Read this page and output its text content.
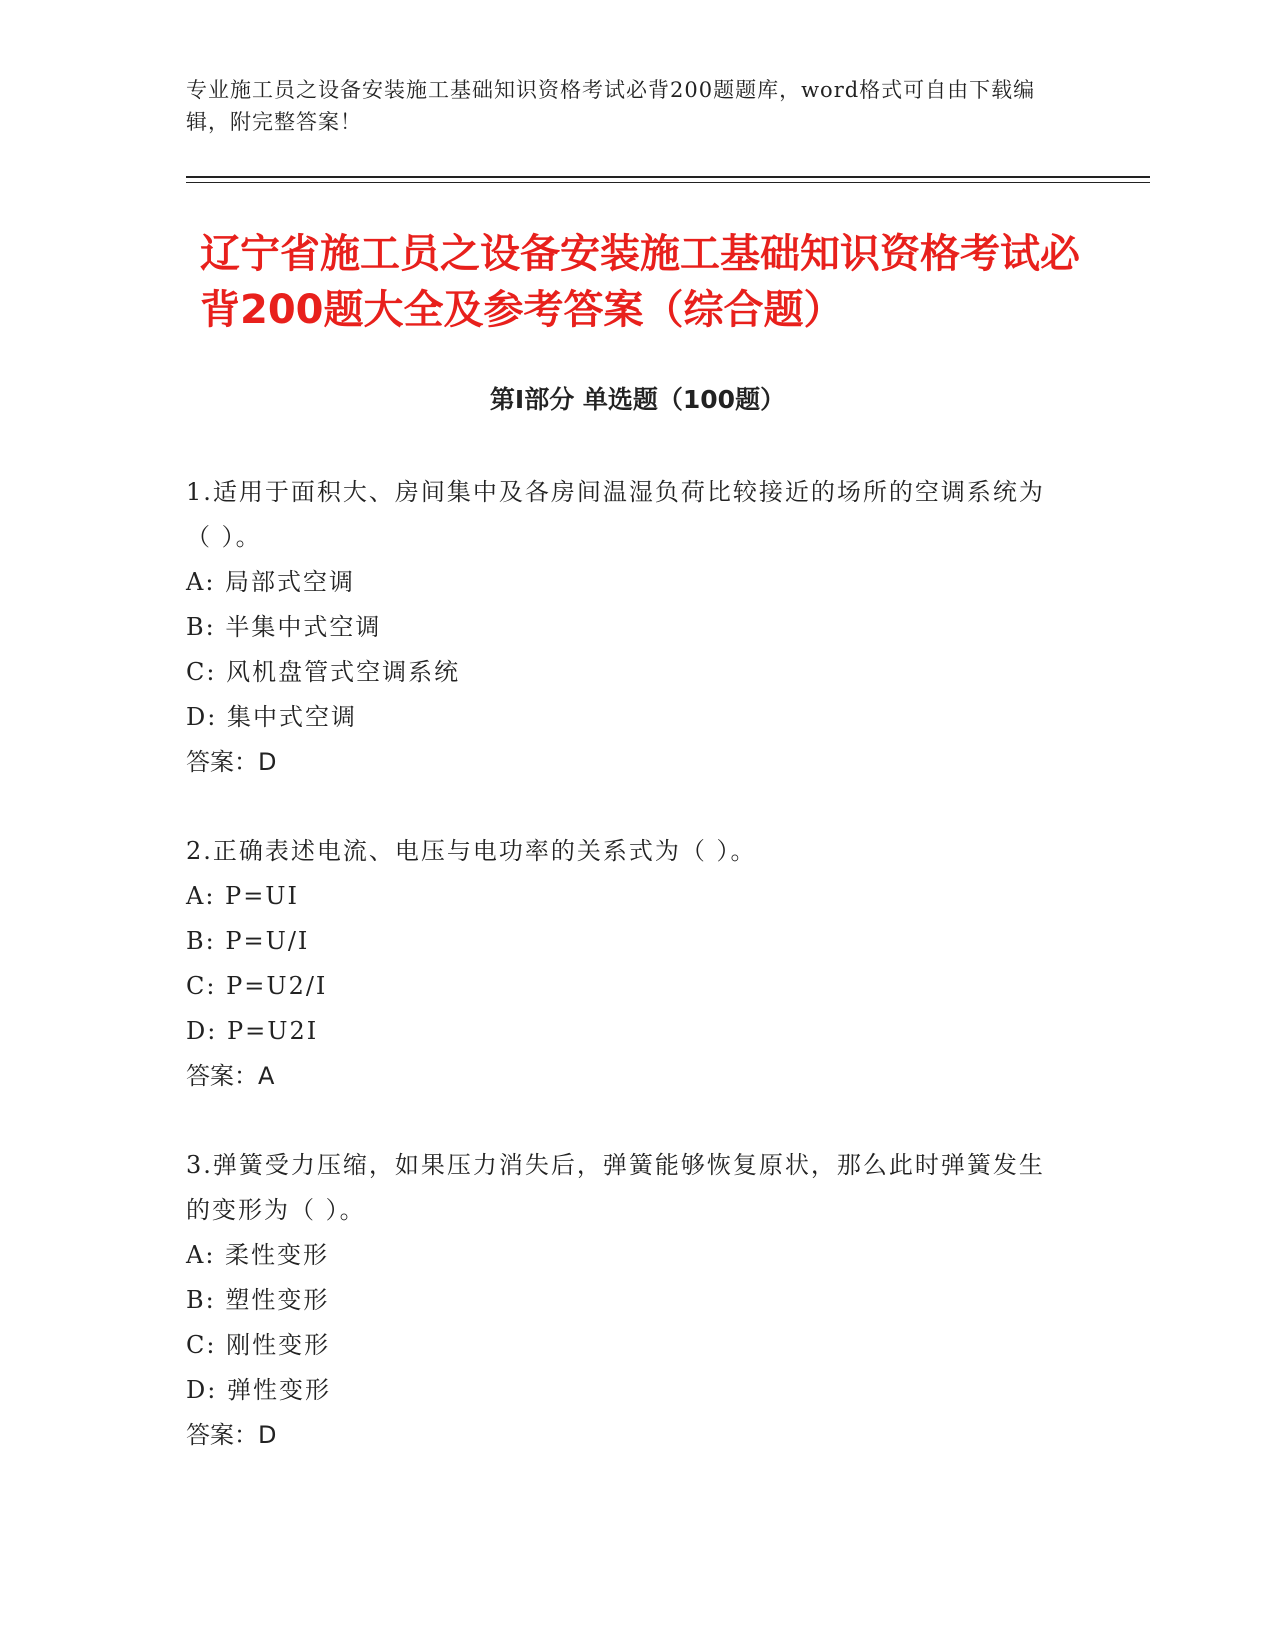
专业施工员之设备安装施工基础知识资格考试必背200题题库，word格式可自由下载编辑，附完整答案！
辽宁省施工员之设备安装施工基础知识资格考试必背200题大全及参考答案（综合题）
第Ⅰ部分 单选题（100题）
1.适用于面积大、房间集中及各房间温湿负荷比较接近的场所的空调系统为（ ）。
A: 局部式空调
B: 半集中式空调
C: 风机盘管式空调系统
D: 集中式空调
答案：D
2.正确表述电流、电压与电功率的关系式为（ ）。
A: P=UI
B: P=U/I
C: P=U2/I
D: P=U2I
答案：A
3.弹簧受力压缩，如果压力消失后，弹簧能够恢复原状，那么此时弹簧发生的变形为（ ）。
A: 柔性变形
B: 塑性变形
C: 刚性变形
D: 弹性变形
答案：D
